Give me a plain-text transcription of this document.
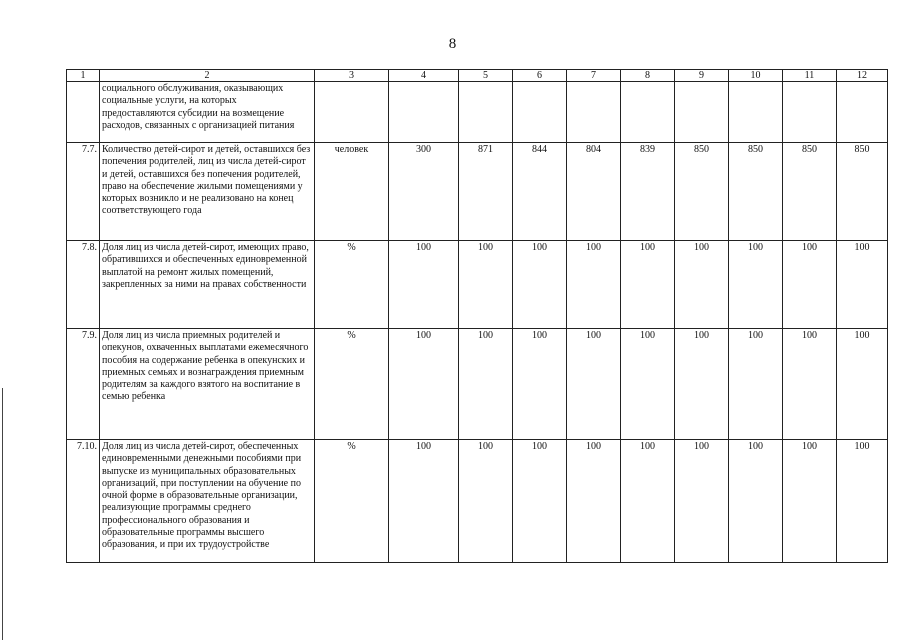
8
1	2	3	4	5	6	7	8	9	10	11	12
	социального обслуживания, оказывающих социальные услуги, на которых предоставляются субсидии на возмещение расходов, связанных с организацией питания										
7.7.	Количество детей-сирот и детей, оставшихся без попечения родителей, лиц из числа детей-сирот и детей, оставшихся без попечения родителей, право на обеспечение жилыми помещениями у которых возникло и не реализовано на конец соответствующего года	человек	300	871	844	804	839	850	850	850	850
7.8.	Доля лиц из числа детей-сирот, имеющих право, обратившихся и обеспеченных единовременной выплатой на ремонт жилых помещений, закрепленных за ними на правах собственности	%	100	100	100	100	100	100	100	100	100
7.9.	Доля лиц из числа приемных родителей и опекунов, охваченных выплатами ежемесячного пособия на содержание ребенка в опекунских и приемных семьях и вознаграждения приемным родителям за каждого взятого на воспитание в семью ребенка	%	100	100	100	100	100	100	100	100	100
7.10.	Доля лиц из числа детей-сирот, обеспеченных единовременными денежными пособиями при выпуске из муниципальных образовательных организаций, при поступлении на обучение по очной форме в образовательные организации, реализующие программы среднего профессионального образования и образовательные программы высшего образования, и при их трудоустройстве	%	100	100	100	100	100	100	100	100	100
